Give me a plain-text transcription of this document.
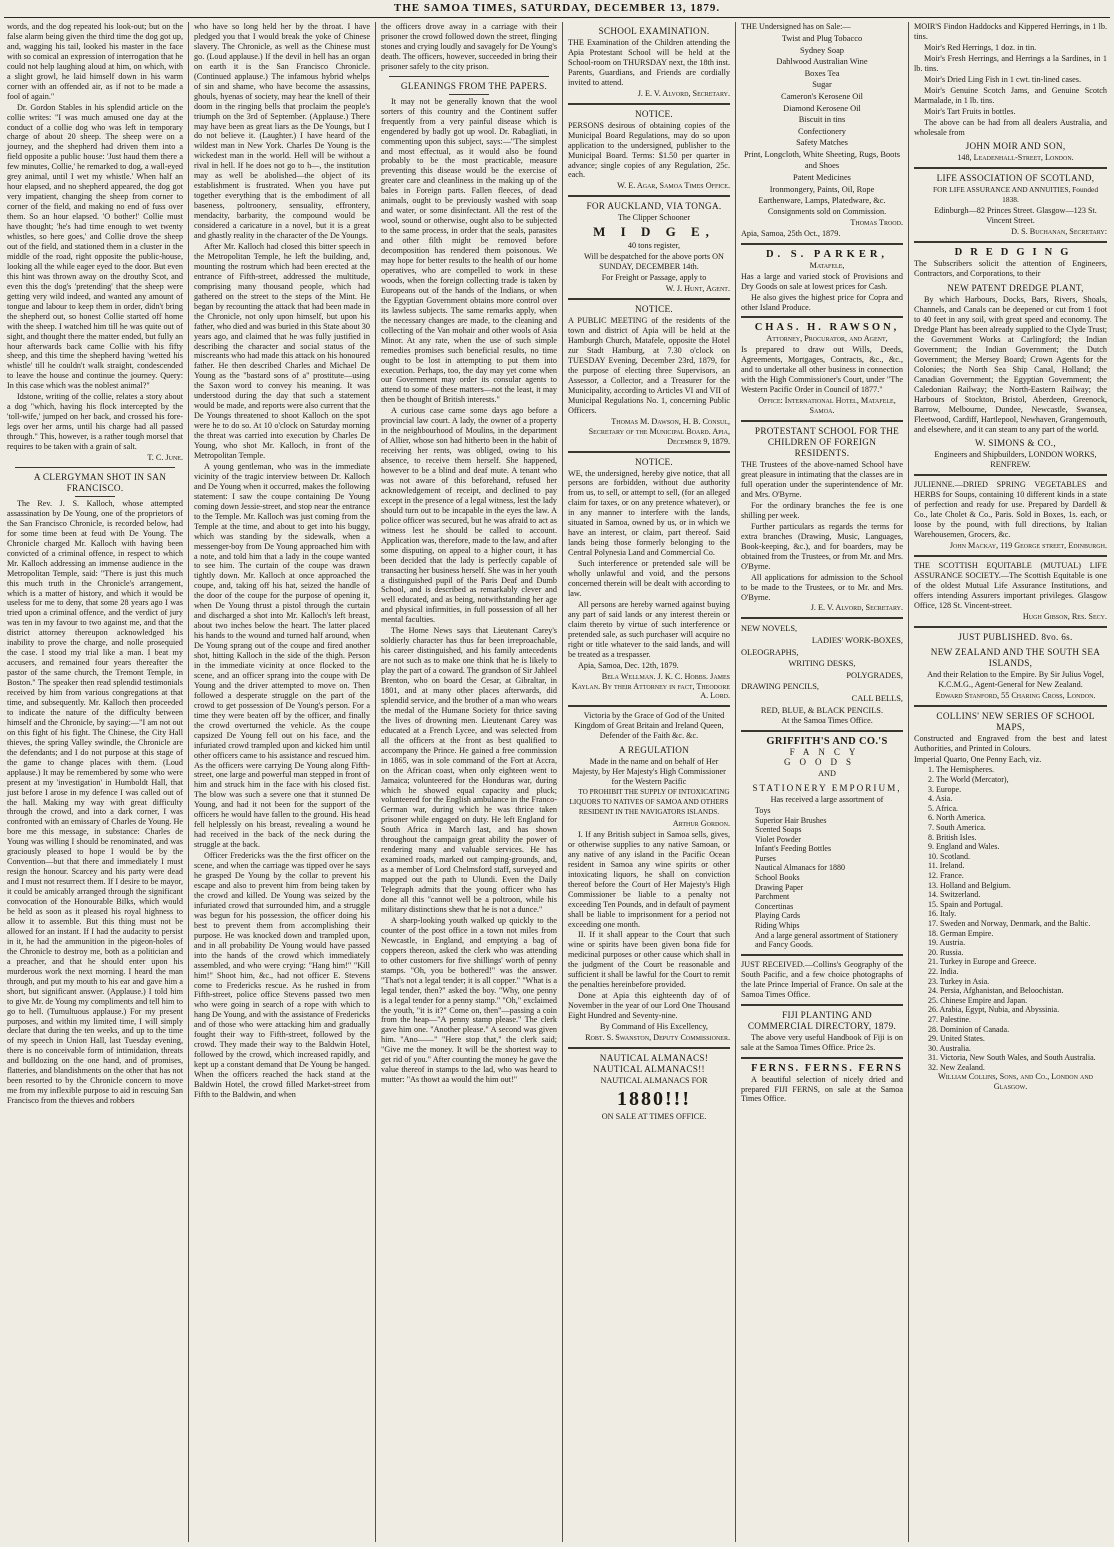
THE SAMOA TIMES, SATURDAY, DECEMBER 13, 1879.

words, and the dog repeated his look-out; but on the false alarm being given the third time the dog got up, and, wagging his tail, looked his master in the face with so comical an expression of interrogation that he could not help laughing aloud at him, on which, with a slight growl, he laid himself down in his warm corner with an offended air, as if not to be made a fool of again."

Dr. Gordon Stables in his splendid article on the collie writes: "I was much amused one day at the conduct of a collie dog who was left in temporary charge of about 20 sheep. The sheep were on a journey, and the shepherd had driven them into a field opposite a public house: 'Just haud them there a few minutes, Collie,' he remarked to dog, a wall-eyed grey animal, until I wet my whistle.' When half an hour elapsed, and no shepherd appeared, the dog got very impatient, changing the sheep from corner to corner of the field, and making no end of fuss over them. So an hour elapsed. 'O bother!' Collie must have thought; 'he's had time enough to wet twenty whistles, so here goes,' and Collie drove the sheep out of the field, and stationed them in a cluster in the middle of the road, right opposite the public-house, looking all the while eager eyed to the door. But even this hint was thrown away on the drouthy Scot, and even this the dog's 'pretending' that the sheep were getting very wild indeed, and wanted any amount of tongue and labour to keep them in order, didn't bring the shepherd out, so honest Collie started off home with the sheep. I watched him till he was quite out of sight, and thought there the matter ended, but fully an hour afterwards back came Collie with his fifty sheep, and this time the shepherd having 'wetted his whistle' till he couldn't walk straight, condescended to leave the house and continue the journey. Query: In this case which was the noblest animal?"

Idstone, writing of the collie, relates a story about a dog "which, having his flock intercepted by the 'toll-wife,' jumped on her back, and crossed his fore-legs over her arms, until his charge had all passed through." This, however, is a rather tough morsel that requires to be taken with a grain of salt.

T. C. June.

A CLERGYMAN SHOT IN SAN FRANCISCO.

The Rev. J. S. Kalloch, whose attempted assassination by De Young, one of the proprietors of the San Francisco Chronicle, is recorded below, had for some time been at feud with De Young. The Chronicle charged Mr. Kalloch with having been convicted of a criminal offence, in respect to which Mr. Kalloch addressing an immense audience in the Metropolitan Temple, said: "There is just this much this much truth in the Chronicle's arrangement, which is a matter of history, and which it would be useless for me to deny, that some 28 years ago I was tried upon a criminal offence, and the verdict of jury was ten in my favour to two against me, and that the district attorney thereupon acknowledged his inability to prove the charge, and nolle prosequied the case. I stood my trial like a man. I beat my accusers, and remained four years thereafter the pastor of the same church, the Tremont Temple, in Boston." The speaker then read splendid testimonials received by him from various congregations at that time, and subsequently. Mr. Kalloch then proceeded to indicate the nature of the difficulty between himself and the Chronicle, by saying:—"I am not out on this fight of his fight. The Chinese, the City Hall thieves, the spring Valley swindle, the Chronicle are the defendants; and I do not purpose at this stage of the game to change places with them. (Loud applause.) It may be remembered by some who were present at my 'investigation' in Humboldt Hall, that just before I arose in my defence I was called out of the hall. Making my way with great difficulty through the crowd, and into a dark corner, I was confronted with an emissary of Charles de Young. He bore me this message, in substance: Charles de Young was willing I should be renominated, and was graciously pleased to hope I would be by the Convention—but that there and immediately I must resign the honour. Scarcey and his party were dead and I must not resurrect them. If I desire to be mayor, it could be amicably arranged through the significant convocation of the Honourable Bilks, which would be held as soon as it pleased his royal highness to allow it to assemble. But this thing must not be allowed for an instant. If I had the audacity to persist in it, he had the ammunition in the pigeon-holes of the Chronicle to destroy me, both as a politician and a preacher, and that he should enter upon his murderous work the next morning. I heard the man through, and put my mouth to his ear and gave him a short, but significant answer. (Applause.) I told him to give Mr. de Young my compliments and tell him to go to hell. (Tumultuous applause.) For my present purposes, and within my limited time, I will simply declare that during the ten weeks, and up to the time of my speech in Union Hall, last Tuesday evening, there is no conceivable form of intimidation, threats and bulldozing on the one hand, and of promises, flatteries, and blandishments on the other that has not been resorted to by the Chronicle concern to move me from my inflexible purpose to aid in rescuing San Francisco from the thieves and robbers

who have so long held her by the throat. I have pledged you that I would break the yoke of Chinese slavery. The Chronicle, as well as the Chinese must go. (Loud applause.) If the devil in hell has an organ on earth it is the San Francisco Chronicle. (Continued applause.) The infamous hybrid whelps of sin and shame, who have become the assassins, ghouls, hyenas of society, may hear the knell of their doom in the ringing bells that proclaim the people's triumph on the 3rd of September. (Applause.) There may have been as great liars as the De Youngs, but I do not believe it. (Laughter.) I have heard of the wildest man in New York. Charles De Young is the wickedest man in the world. Hell will be without a rival in hell. If he does not go to h—, the institution may as well be abolished—the object of its establishment is frustrated. When you have put together everything that is the embodiment of all baseness, poltroonery, sensuality, effrontery, mendacity, barbarity, the compound would be considered a caricature in a novel, but it is a great and ghastly reality in the character of the De Youngs.

After Mr. Kalloch had closed this bitter speech in the Metropolitan Temple, he left the building, and, mounting the rostrum which had been erected at the entrance of Fifth-street, addressed the multitude, comprising many thousand people, which had gathered on the street to the steps of the Mint. He began by recounting the attack that had been made in the Chronicle, not only upon himself, but upon his father, who died and was buried in this State about 30 years ago, and claimed that he was fully justified in describing the character and social status of the miscreants who had made this attack on his honoured father. He then described Charles and Michael De Young as the "bastard sons of a" prostitute—using the Saxon word to convey his meaning. It was understood during the day that such a statement would be made, and reports were also current that the De Youngs threatened to shoot Kalloch on the spot were he to do so. At 10 o'clock on Saturday morning the threat was carried into execution by Charles De Young, who shot Mr. Kalloch, in front of the Metropolitan Temple.

A young gentleman, who was in the immediate vicinity of the tragic interview between Dr. Kalloch and De Young when it occurred, makes the following statement: I saw the coupe containing De Young coming down Jessie-street, and stop near the entrance to the Temple. Mr. Kalloch was just coming from the Temple at the time, and about to get into his buggy, which was standing by the sidewalk, when a messenger-boy from De Young approached him with a note, and told him that a lady in the coupe wanted to see him. The curtain of the coupe was drawn tightly down. Mr. Kalloch at once approached the coupe, and, taking off his hat, seized the handle of the door of the coupe for the purpose of opening it, when De Young thrust a pistol through the curtain and discharged a shot into Mr. Kalloch's left breast, about two inches below the heart. The latter placed his hands to the wound and turned half around, when De Young sprang out of the coupe and fired another shot, hitting Kalloch in the side of the thigh. Person in the immediate vicinity at once flocked to the scene, and an officer sprang into the coupe with De Young and the driver attempted to move on. Then followed a desperate struggle on the part of the crowd to get possession of De Young's person. For a time they were beaten off by the officer, and finally the crowd overturned the vehicle. As the coupe capsized De Young fell out on his face, and the infuriated crowd trampled upon and kicked him until other officers came to his assistance and rescued him. As the officers were carrying De Young along Fifth-street, one large and powerful man stepped in front of him and struck him in the face with his closed fist. The blow was such a severe one that it stunned De Young, and had it not been for the support of the officers he would have fallen to the ground. His head fell helplessly on his breast, revealing a wound he had received in the back of the neck during the struggle at the back.

Officer Fredericks was the the first officer on the scene, and when the carriage was tipped over he says he grasped De Young by the collar to prevent his escape and also to prevent him from being taken by the crowd and killed. De Young was seized by the infuriated crowd that surrounded him, and a struggle was begun for his possession, the officer doing his best to prevent them from accomplishing their purpose. He was knocked down and trampled upon, and in all probability De Young would have passed into the hands of the crowd which immediately assembled, and who were crying: "Hang him!" "Kill him!" Shoot him, &c., had not officer E. Stevens come to Fredericks rescue. As he rushed in from Fifth-street, police office Stevens passed two men who were going in search of a rope with which to hang De Young, and with the assistance of Fredericks and of those who were attacking him and gradually fought their way to Fifth-street, followed by the crowd. They made their way to the Baldwin Hotel, followed by the crowd, which increased rapidly, and kept up a constant demand that De Young be hanged. When the officers reached the hack stand at the Baldwin Hotel, the crowd filled Market-street from Fifth to the Baldwin, and when

the officers drove away in a carriage with their prisoner the crowd followed down the street, flinging stones and crying loudly and savagely for De Young's death. The officers, however, succeeded in bring their prisoner safely to the city prison.

GLEANINGS FROM THE PAPERS.

It may not be generally known that the wool sorters of this country and the Continent suffer frequently from a very painful disease which is engendered by badly got up wool. Dr. Rabagliati, in commenting upon this subject, says:—"The simplest and most effectual, as it would also be found probably to be the most practicable, measure preventing this disease would be the exercise of greater care and cleanliness in the making up of the bales in Foreign parts. Fallen fleeces, of dead animals, ought to be previously washed with soap and water, or some disinfectant. All the rest of the wool, sound or otherwise, ought also to be subjected to the same process, in order that the seals, parasites and other filth might be removed before decomposition has rendered them poisonous. We may hope for better results to the health of our home operatives, who are compelled to work in these woods, when the foreign collecting trade is taken by Europeans out of the hands of the Indians, or when the Egyptian Government obtains more control over its lawless subjects. The same remarks apply, when the necessary changes are made, to the cleaning and collecting of the Van mohair and other wools of Asia Minor. At any rate, when the use of such simple remedies promises such beneficial results, no time ought to be lost in attempting to put them into execution. Perhaps, too, the day may yet come when our Government may order its consular agents to attend to some of these matters—not the least, it may then be thought of British interests."

A curious case came some days ago before a provincial law court. A lady, the owner of a property in the neighbourhood of Moulins, in the department of Allier, whose son had hitherto been in the habit of receiving her rents, was obliged, owing to his absence, to receive them herself. She happened, however to be a blind and deaf mute. A tenant who was not aware of this beforehand, refused her acknowledgement of receipt, and declined to pay except in the presence of a legal witness, lest the lady should turn out to be incapable in the eyes the law. A police officer was secured, but he was afraid to act as witness lest he should be called to account. Application was, therefore, made to the law, and after some disputing, on appeal to a higher court, it has been decided that the lady is perfectly capable of transacting her business herself. She was in her youth a distinguished pupil of the Paris Deaf and Dumb School, and is described as remarkably clever and well educated, and as being, notwithstanding her age and physical infirmities, in full possession of all her mental faculties.

The Home News says that Lieutenant Carey's soldierly character has thus far been irreproachable, his career distinguished, and his family antecedents are not such as to make one think that he is likely to play the part of a coward. The grandson of Sir Jahleel Brenton, who on board the Cesar, at Gibraltar, in 1801, and at many other places afterwards, did splendid service, and the brother of a man who wears the medal of the Humane Society for thrice saving the lives of drowning men. Lieutenant Carey was educated at a French Lycee, and was selected from all the officers at the front as best qualified to accompany the Prince. He gained a free commission in 1865, was in sole command of the Fort at Accra, on the African coast, when only eighteen went to Jamaica; volunteered for the Honduras war, during which he showed equal capacity and pluck; volunteered for the English ambulance in the Franco-German war, during which he was thrice taken prisoner while engaged on duty. He left England for South Africa in March last, and has shown throughout the campaign great ability the power of rendering many and valuable services. He has examined roads, marked out camping-grounds, and, as a member of Lord Chelmsford staff, surveyed and mapped out the path to Ulundi. Even the Daily Telegraph admits that the young officer who has done all this "cannot well be a poltroon, while his military distinctions shew that he is not a dunce."

A sharp-looking youth walked up quickly to the counter of the post office in a town not miles from Newcastle, in England, and emptying a bag of coppers thereon, asked the clerk who was attending to other customers for five shillings' worth of penny stamps. "Oh, you be bothered!" was the answer. "That's not a legal tender; it is all copper." "What is a legal tender, then?" asked the boy. "Why, one penny is a legal tender for a penny stamp." "Oh," exclaimed the youth, "it is it?" Come on, then"—passing a coin from the heap—"A penny stamp please." The clerk gave him one. "Another please." A second was given him. "Ano——" "Here stop that," the clerk said; "Give me the money. It will be the shortest way to get rid of you." After counting the money he gave the value thereof in stamps to the lad, who was heard to mutter: "As thowt aa would the him out!"

SCHOOL EXAMINATION.

THE Examination of the Children attending the Apia Protestant School will be held at the School-room on THURSDAY next, the 18th inst. Parents, Guardians, and Friends are cordially invited to attend.

J. E. V. Alvord, Secretary.

NOTICE.

PERSONS desirous of obtaining copies of the Municipal Board Regulations, may do so upon application to the undersigned, publisher to the Municipal Board. Terms: $1.50 per quarter in advance; single copies of any Regulation, 25c. each.

W. E. Agar, Samoa Times Office.

FOR AUCKLAND, VIA TONGA.

The Clipper Schooner

M I D G E,

40 tons register,

Will be despatched for the above ports ON SUNDAY, DECEMBER 14th.

For Freight or Passage, apply to

W. J. Hunt, Agent.

NOTICE.

A PUBLIC MEETING of the residents of the town and district of Apia will be held at the Hamburgh Church, Matafele, opposite the Hotel zur Stadt Hamburg, at 7.30 o'clock on TUESDAY Evening, December 23rd, 1879, for the purpose of electing three Supervisors, an Assessor, a Collector, and a Treasurer for the Municipality, according to Articles VI and VII of Municipal Regulations No. 1, concerning Public Officers.

Thomas M. Dawson, H. B. Consul, Secretary of the Municipal Board. Apia, December 9, 1879.

NOTICE.

WE, the undersigned, hereby give notice, that all persons are forbidden, without due authority from us, to sell, or attempt to sell, (for an alleged claim for taxes, or on any pretence whatever), or in any manner to interfere with the lands, situated in Samoa, owned by us, or in which we have an interest, or claim, part thereof. Said lands being those formerly belonging to the Central Polynesia Land and Commercial Co.

Such interference or pretended sale will be wholly unlawful and void, and the persons concerned therein will be dealt with according to law.

All persons are hereby warned against buying any part of said lands or any interest therein or claim thereto by virtue of such interference or pretended sale, as such purchaser will acquire no right or title whatever to the said lands, and will be treated as a trespasser.

Apia, Samoa, Dec. 12th, 1879.

Bela Wellman. J. K. C. Hobbs. James Kaylan. By their Attorney in fact, Theodore A. Lord.

Victoria by the Grace of God of the United Kingdom of Great Britain and Ireland Queen, Defender of the Faith &c. &c.

A REGULATION

Made in the name and on behalf of Her Majesty, by Her Majesty's High Commissioner for the Western Pacific

TO PROHIBIT THE SUPPLY OF INTOXICATING LIQUORS TO NATIVES OF SAMOA AND OTHERS RESIDENT IN THE NAVIGATORS ISLANDS.

Arthur Gordon.

I. If any British subject in Samoa sells, gives, or otherwise supplies to any native Samoan, or any native of any island in the Pacific Ocean resident in Samoa any wine spirits or other intoxicating liquors, he shall on conviction thereof before the Court of Her Majesty's High Commissioner be liable to a penalty not exceeding Ten Pounds, and in default of payment shall be liable to imprisonment for a period not exceeding one month.

II. If it shall appear to the Court that such wine or spirits have been given bona fide for medicinal purposes or other cause which shall in the judgment of the Court be reasonable and sufficient it shall be lawful for the Court to remit the penalties hereinbefore provided.

Done at Apia this eighteenth day of of November in the year of our Lord One Thousand Eight Hundred and Seventy-nine.

By Command of His Excellency,

Robt. S. Swanston, Deputy Commissioner.

NAUTICAL ALMANACS! NAUTICAL ALMANACS!!

NAUTICAL ALMANACS FOR

1880!!!

ON SALE AT TIMES OFFICE.

THE Undersigned has on Sale:—

Twist and Plug Tobacco
Sydney Soap
Dahlwood Australian Wine
Boxes Tea
Sugar
Cameron's Kerosene Oil
Diamond Kerosene Oil
Biscuit in tins
Confectionery
Safety Matches
Print, Longcloth, White Sheeting, Rugs, Boots and Shoes
Patent Medicines
Ironmongery, Paints, Oil, Rope
Earthenware, Lamps, Platedware, &c.

Consignments sold on Commission.

Thomas Trood.

Apia, Samoa, 25th Oct., 1879.

D. S. PARKER,

Matafele,

Has a large and varied stock of Provisions and Dry Goods on sale at lowest prices for Cash.

He also gives the highest price for Copra and other Island Produce.

CHAS. H. RAWSON,

Attorney, Procurator, and Agent,

Is prepared to draw out Wills, Deeds, Agreements, Mortgages, Contracts, &c., &c., and to undertake all other business in connection with the High Commissioner's Court, under "The Western Pacific Order in Council of 1877."

Office: International Hotel, Matafele, Samoa.

PROTESTANT SCHOOL FOR THE CHILDREN OF FOREIGN RESIDENTS.

THE Trustees of the above-named School have great pleasure in intimating that the classes are in full operation under the superintendence of Mr. and Mrs. O'Byrne.

For the ordinary branches the fee is one shilling per week.

Further particulars as regards the terms for extra branches (Drawing, Music, Languages, Book-keeping, &c.), and for boarders, may be obtained from the Trustees, or from Mr. and Mrs. O'Byrne.

All applications for admission to the School to be made to the Trustees, or to Mr. and Mrs. O'Byrne.

J. E. V. Alvord, Secretary.

NEW NOVELS,
LADIES' WORK-BOXES,
OLEOGRAPHS,
WRITING DESKS,
POLYGRADES,
DRAWING PENCILS,
CALL BELLS,
RED, BLUE, & BLACK PENCILS.

At the Samoa Times Office.

GRIFFITH'S AND CO.'S

FANCY GOODS

AND

STATIONERY EMPORIUM,

Has received a large assortment of

Toys
Superior Hair Brushes
Scented Soaps
Violet Powder
Infant's Feeding Bottles
Purses
Nautical Almanacs for 1880
School Books
Drawing Paper
Parchment
Concertinas
Playing Cards
Riding Whips
And a large general assortment of Stationery and Fancy Goods.

JUST RECEIVED.—Collins's Geography of the South Pacific, and a few choice photographs of the late Prince Imperial of France. On sale at the Samoa Times Office.

FIJI PLANTING AND COMMERCIAL DIRECTORY, 1879.

The above very useful Handbook of Fiji is on sale at the Samoa Times Office. Price 2s.

FERNS. FERNS. FERNS

A beautiful selection of nicely dried and prepared FIJI FERNS, on sale at the Samoa Times Office.

MOIR'S Findon Haddocks and Kippered Herrings, in 1 lb. tins.

Moir's Red Herrings, 1 doz. in tin.

Moir's Fresh Herrings, and Herrings a la Sardines, in 1 lb. tins.

Moir's Dried Ling Fish in 1 cwt. tin-lined cases.

Moir's Genuine Scotch Jams, and Genuine Scotch Marmalade, in 1 lb. tins.

Moir's Tart Fruits in bottles.

The above can be had from all dealers Australia, and wholesale from

JOHN MOIR AND SON,

148, Leadenhall-Street, London.

LIFE ASSOCIATION OF SCOTLAND,

FOR LIFE ASSURANCE AND ANNUITIES, Founded 1838.

Edinburgh—82 Princes Street. Glasgow—123 St. Vincent Street.

D. S. Buchanan, Secretary:

DREDGING

The Subscribers solicit the attention of Engineers, Contractors, and Corporations, to their

NEW PATENT DREDGE PLANT,

By which Harbours, Docks, Bars, Rivers, Shoals, Channels, and Canals can be deepened or cut from 1 foot to 40 feet in any soil, with great speed and economy. The Dredge Plant has been already supplied to the Clyde Trust; the Government Works at Carlingford; the Indian Government; the Indian Government; the Dutch Government; the Mersey Board; Crown Agents for the Colonies; the North Sea Ship Canal, Holland; the Canadian Government; the Egyptian Government; the Caledonian Railway; the North-Eastern Railway; the Harbours of Stockton, Bristol, Aberdeen, Greenock, Barrow, Melbourne, Dundee, Newcastle, Swansea, Fleetwood, Cardiff, Hartlepool, Newhaven, Grangemouth, and elsewhere, and it can steam to any part of the world.

W. SIMONS & CO.,

Engineers and Shipbuilders, LONDON WORKS, RENFREW.

JULIENNE.—DRIED SPRING VEGETABLES and HERBS for Soups, containing 10 different kinds in a state of perfection and ready for use. Prepared by Dardell & Co., late Cholet & Co., Paris. Sold in Boxes, 1s. each, or loose by the pound, with full directions, by Italian Warehousemen, Grocers, &c.

John Mackay, 119 George street, Edinburgh.

THE SCOTTISH EQUITABLE (MUTUAL) LIFE ASSURANCE SOCIETY.—The Scottish Equitable is one of the oldest Mutual Life Assurance Institutions, and offers intending Assurers important privileges. Glasgow Office, 128 St. Vincent-street.

Hugh Gibson, Res. Secy.

JUST PUBLISHED. 8vo. 6s.

NEW ZEALAND AND THE SOUTH SEA ISLANDS,

And their Relation to the Empire. By Sir Julius Vogel, K.C.M.G., Agent-General for New Zealand.

Edward Stanford, 55 Charing Cross, London.

COLLINS' NEW SERIES OF SCHOOL MAPS,

Constructed and Engraved from the best and latest Authorities, and Printed in Colours.

Imperial Quarto, One Penny Each, viz.

1. The Hemispheres.
2. The World (Mercator),
3. Europe.
4. Asia.
5. Africa.
6. North America.
7. South America.
8. British Isles.
9. England and Wales.
10. Scotland.
11. Ireland.
12. France.
13. Holland and Belgium.
14. Switzerland.
15. Spain and Portugal.
16. Italy.
17. Sweden and Norway, Denmark, and the Baltic.
18. German Empire.
19. Austria.
20. Russia.
21. Turkey in Europe and Greece.
22. India.
23. Turkey in Asia.
24. Persia, Afghanistan, and Beloochistan.
25. Chinese Empire and Japan.
26. Arabia, Egypt, Nubia, and Abyssinia.
27. Palestine.
28. Dominion of Canada.
29. United States.
30. Australia.
31. Victoria, New South Wales, and South Australia.
32. New Zealand.

William Collins, Sons, and Co., London and Glasgow.
